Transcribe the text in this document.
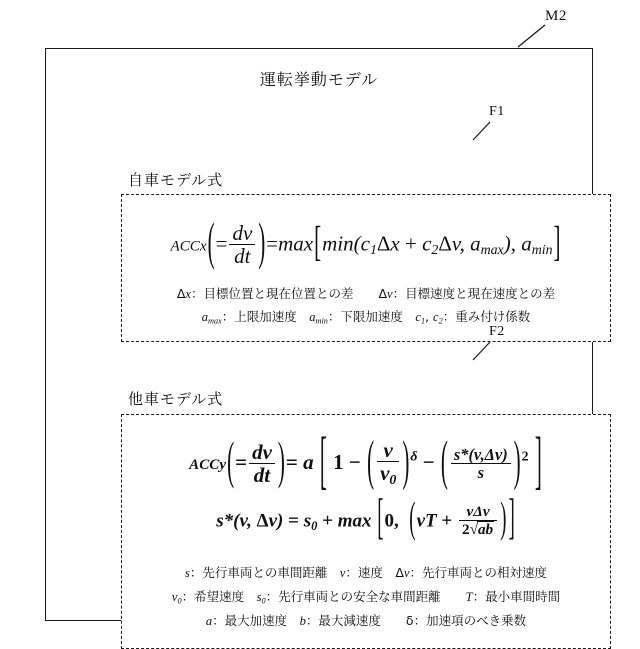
M2
運転挙動モデル
自車モデル式
ACCx(= $\frac{dv}{dt} )=\max[\min(c_1\Delta x + c_2\Delta v$, $a_{max}$), $a_{min}$]
Δx：目標位置と現在位置との差　　Δv：目標速度と現在速度との差
$a_{max}$：上限加速度　$a_{min}$：下限加速度　$c_1$, $c_2$：重み付け係数
他車モデル式
ACCy(= $\frac{dv}{dt}$ )= a [ 1 − ( $\frac{v}{v_0} )^\delta$ − ( $\frac{s*(v,\Delta v)}{s} )^2$ ]
s*(v, $\Delta v) = s_0 + \max [0$, ($vT + \frac{\text{vΔv}}{2√ab}$ ) ]
s：先行車両との車間距離　v：速度　Δv：先行車両との相対速度
$v_0$：希望速度　$s_0$：先行車両との安全な車間距離　　T：最小車間時間
a：最大加速度　b：最大減速度　　δ：加速項のべき乗数
F1
F2
